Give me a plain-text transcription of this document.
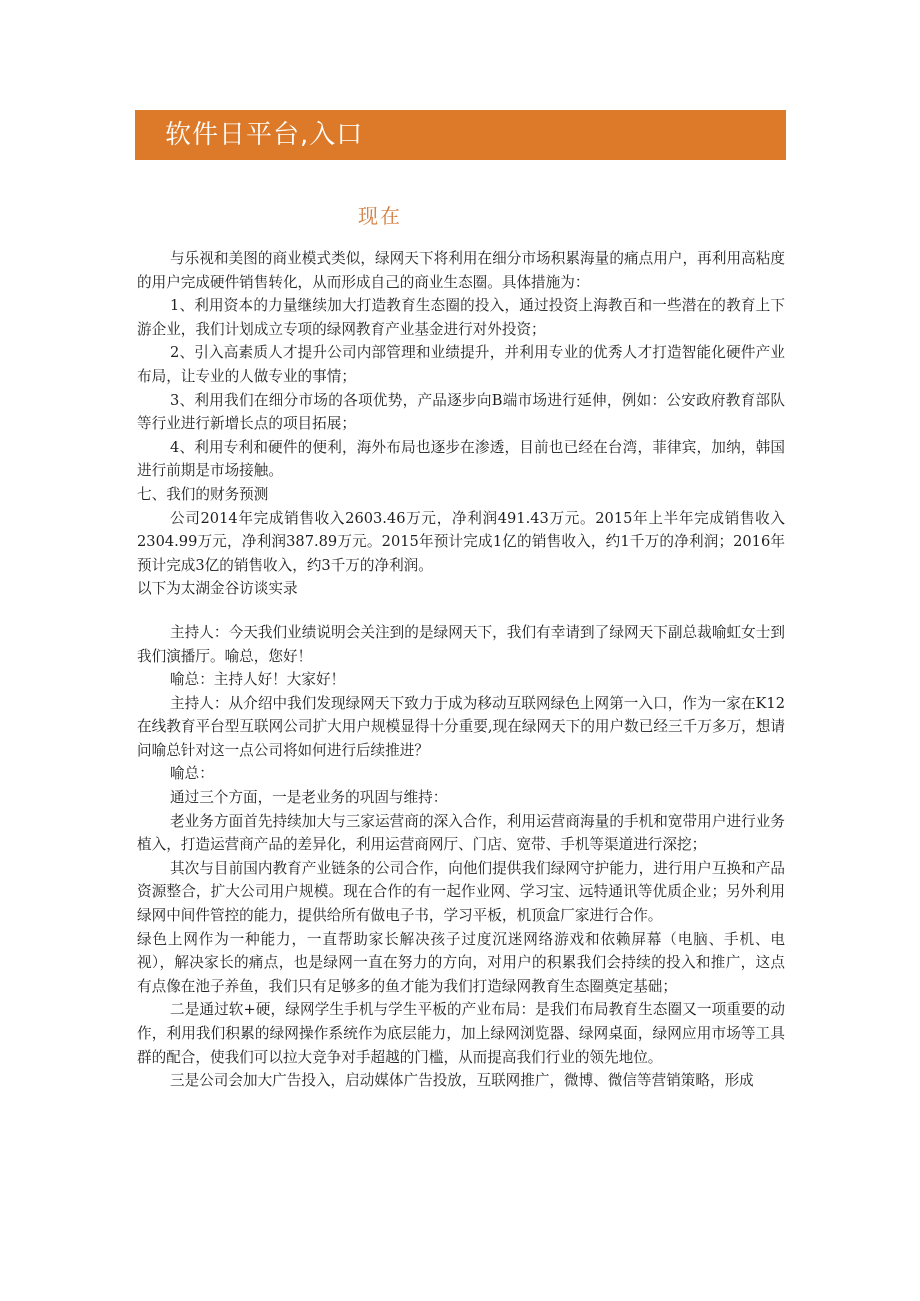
软件日平台,入口
现在

与乐视和美图的商业模式类似，绿网天下将利用在细分市场积累海量的痛点用户，再利用高粘度的用户完成硬件销售转化，从而形成自己的商业生态圈。具体措施为：

1、利用资本的力量继续加大打造教育生态圈的投入，通过投资上海教百和一些潜在的教育上下游企业，我们计划成立专项的绿网教育产业基金进行对外投资；

2、引入高素质人才提升公司内部管理和业绩提升，并利用专业的优秀人才打造智能化硬件产业布局，让专业的人做专业的事情；

3、利用我们在细分市场的各项优势，产品逐步向B端市场进行延伸，例如：公安政府教育部队等行业进行新增长点的项目拓展；

4、利用专利和硬件的便利，海外布局也逐步在渗透，目前也已经在台湾，菲律宾，加纳，韩国进行前期是市场接触。

七、我们的财务预测

公司2014年完成销售收入2603.46万元，净利润491.43万元。2015年上半年完成销售收入2304.99万元，净利润387.89万元。2015年预计完成1亿的销售收入，约1千万的净利润；2016年预计完成3亿的销售收入，约3千万的净利润。

以下为太湖金谷访谈实录

主持人：今天我们业绩说明会关注到的是绿网天下，我们有幸请到了绿网天下副总裁喻虹女士到我们演播厅。喻总，您好！

喻总：主持人好！大家好！

主持人：从介绍中我们发现绿网天下致力于成为移动互联网绿色上网第一入口，作为一家在K12在线教育平台型互联网公司扩大用户规模显得十分重要,现在绿网天下的用户数已经三千万多万，想请问喻总针对这一点公司将如何进行后续推进？

喻总：

通过三个方面，一是老业务的巩固与维持：

老业务方面首先持续加大与三家运营商的深入合作，利用运营商海量的手机和宽带用户进行业务植入，打造运营商产品的差异化，利用运营商网厅、门店、宽带、手机等渠道进行深挖；

其次与目前国内教育产业链条的公司合作，向他们提供我们绿网守护能力，进行用户互换和产品资源整合，扩大公司用户规模。现在合作的有一起作业网、学习宝、远特通讯等优质企业；另外利用绿网中间件管控的能力，提供给所有做电子书，学习平板，机顶盒厂家进行合作。

绿色上网作为一种能力，一直帮助家长解决孩子过度沉迷网络游戏和依赖屏幕（电脑、手机、电视），解决家长的痛点，也是绿网一直在努力的方向，对用户的积累我们会持续的投入和推广，这点有点像在池子养鱼，我们只有足够多的鱼才能为我们打造绿网教育生态圈奠定基础；

二是通过软+硬，绿网学生手机与学生平板的产业布局：是我们布局教育生态圈又一项重要的动作，利用我们积累的绿网操作系统作为底层能力，加上绿网浏览器、绿网桌面，绿网应用市场等工具群的配合，使我们可以拉大竞争对手超越的门槛，从而提高我们行业的领先地位。

三是公司会加大广告投入，启动媒体广告投放，互联网推广，微博、微信等营销策略，形成
